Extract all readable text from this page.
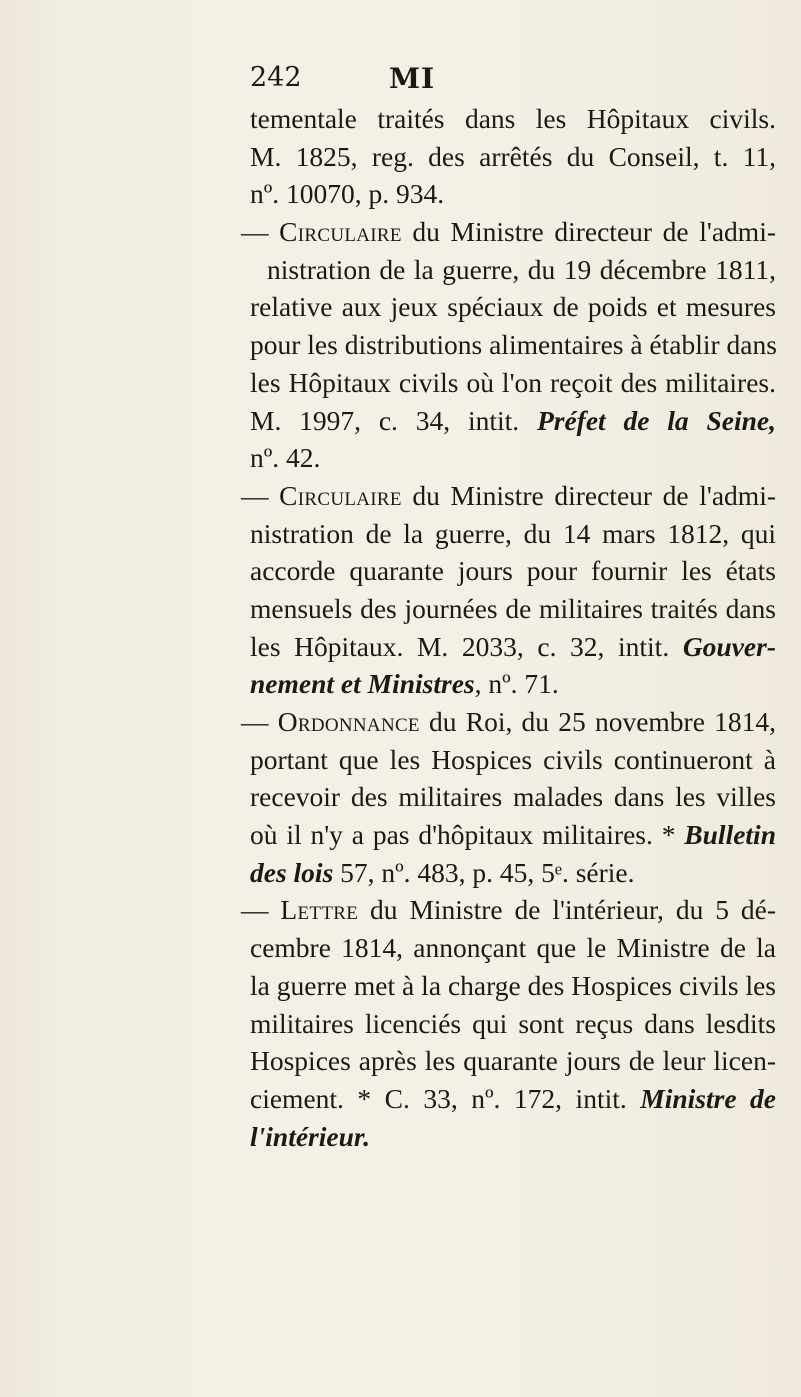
242	MI
tementale traités dans les Hôpitaux civils.
M. 1825, reg. des arrêtés du Conseil, t. 11,
nº. 10070, p. 934.
— Circulaire du Ministre directeur de l'admi-
nistration de la guerre, du 19 décembre 1811,
relative aux jeux spéciaux de poids et mesures
pour les distributions alimentaires à établir dans
les Hôpitaux civils où l'on reçoit des militaires.
M. 1997, c. 34, intit. Préfet de la Seine,
nº. 42.
— Circulaire du Ministre directeur de l'admi-
nistration de la guerre, du 14 mars 1812, qui
accorde quarante jours pour fournir les états
mensuels des journées de militaires traités dans
les Hôpitaux. M. 2033, c. 32, intit. Gouver-
nement et Ministres, nº. 71.
— Ordonnance du Roi, du 25 novembre 1814,
portant que les Hospices civils continueront à
recevoir des militaires malades dans les villes
où il n'y a pas d'hôpitaux militaires. * Bulletin
des lois 57, nº. 483, p. 45, 5ᵉ. série.
— Lettre du Ministre de l'intérieur, du 5 dé-
cembre 1814, annonçant que le Ministre de la
la guerre met à la charge des Hospices civils les
militaires licenciés qui sont reçus dans lesdits
Hospices après les quarante jours de leur licen-
ciement. * C. 33, nº. 172, intit. Ministre de
l'intérieur.
